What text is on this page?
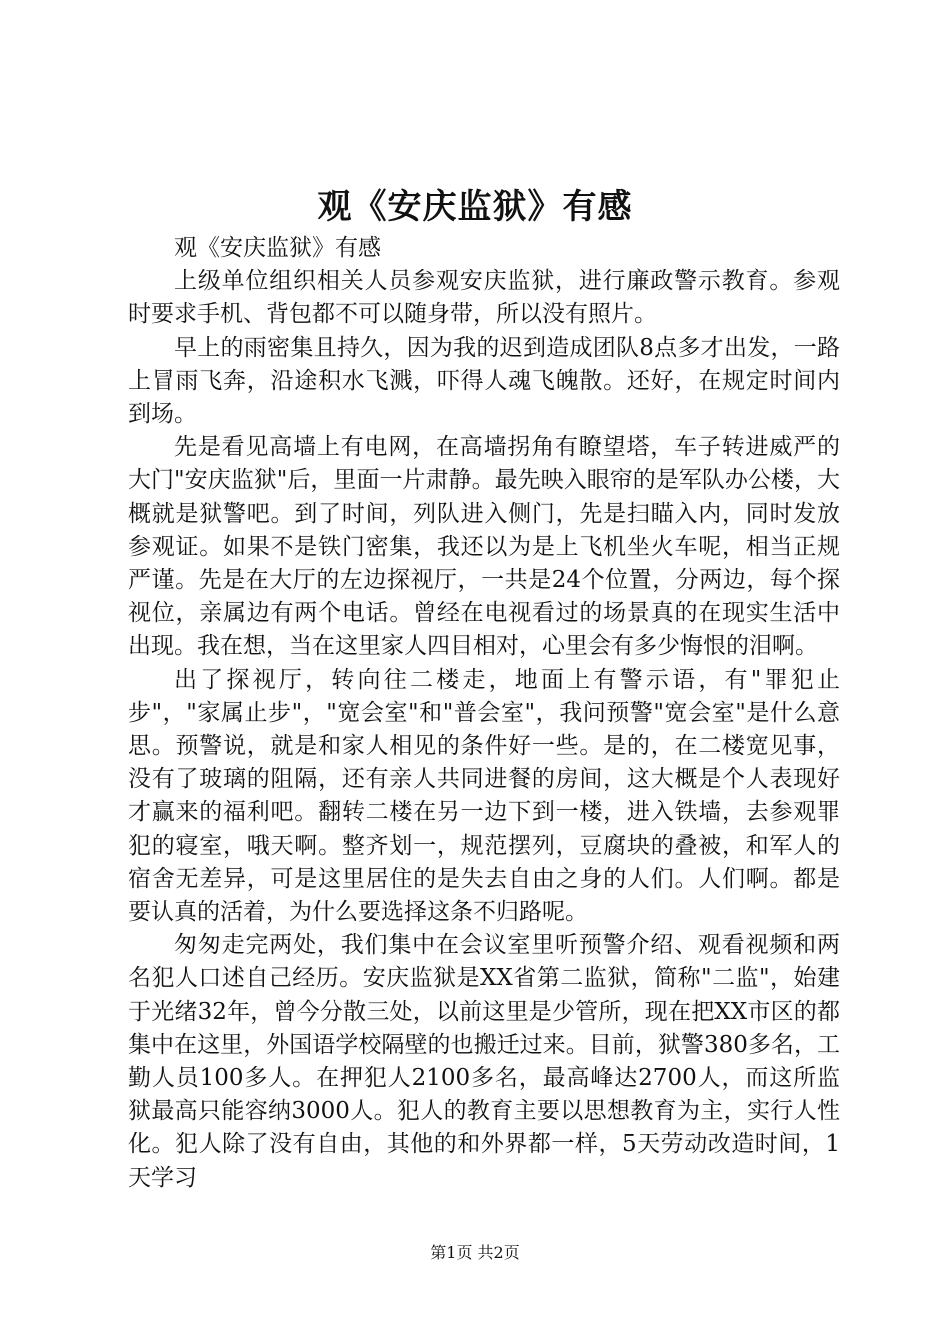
观《安庆监狱》有感

观《安庆监狱》有感

上级单位组织相关人员参观安庆监狱，进行廉政警示教育。参观时要求手机、背包都不可以随身带，所以没有照片。

早上的雨密集且持久，因为我的迟到造成团队8点多才出发，一路上冒雨飞奔，沿途积水飞溅，吓得人魂飞魄散。还好，在规定时间内到场。

先是看见高墙上有电网，在高墙拐角有瞭望塔，车子转进威严的大门"安庆监狱"后，里面一片肃静。最先映入眼帘的是军队办公楼，大概就是狱警吧。到了时间，列队进入侧门，先是扫瞄入内，同时发放参观证。如果不是铁门密集，我还以为是上飞机坐火车呢，相当正规严谨。先是在大厅的左边探视厅，一共是24个位置，分两边，每个探视位，亲属边有两个电话。曾经在电视看过的场景真的在现实生活中出现。我在想，当在这里家人四目相对，心里会有多少悔恨的泪啊。

出了探视厅，转向往二楼走，地面上有警示语，有"罪犯止步"，"家属止步"，"宽会室"和"普会室"，我问预警"宽会室"是什么意思。预警说，就是和家人相见的条件好一些。是的，在二楼宽见事，没有了玻璃的阻隔，还有亲人共同进餐的房间，这大概是个人表现好才赢来的福利吧。翻转二楼在另一边下到一楼，进入铁墙，去参观罪犯的寝室，哦天啊。整齐划一，规范摆列，豆腐块的叠被，和军人的宿舍无差异，可是这里居住的是失去自由之身的人们。人们啊。都是要认真的活着，为什么要选择这条不归路呢。

匆匆走完两处，我们集中在会议室里听预警介绍、观看视频和两名犯人口述自己经历。安庆监狱是XX省第二监狱，简称"二监"，始建于光绪32年，曾今分散三处，以前这里是少管所，现在把XX市区的都集中在这里，外国语学校隔壁的也搬迁过来。目前，狱警380多名，工勤人员100多人。在押犯人2100多名，最高峰达2700人，而这所监狱最高只能容纳3000人。犯人的教育主要以思想教育为主，实行人性化。犯人除了没有自由，其他的和外界都一样，5天劳动改造时间，1天学习

第1页 共2页
